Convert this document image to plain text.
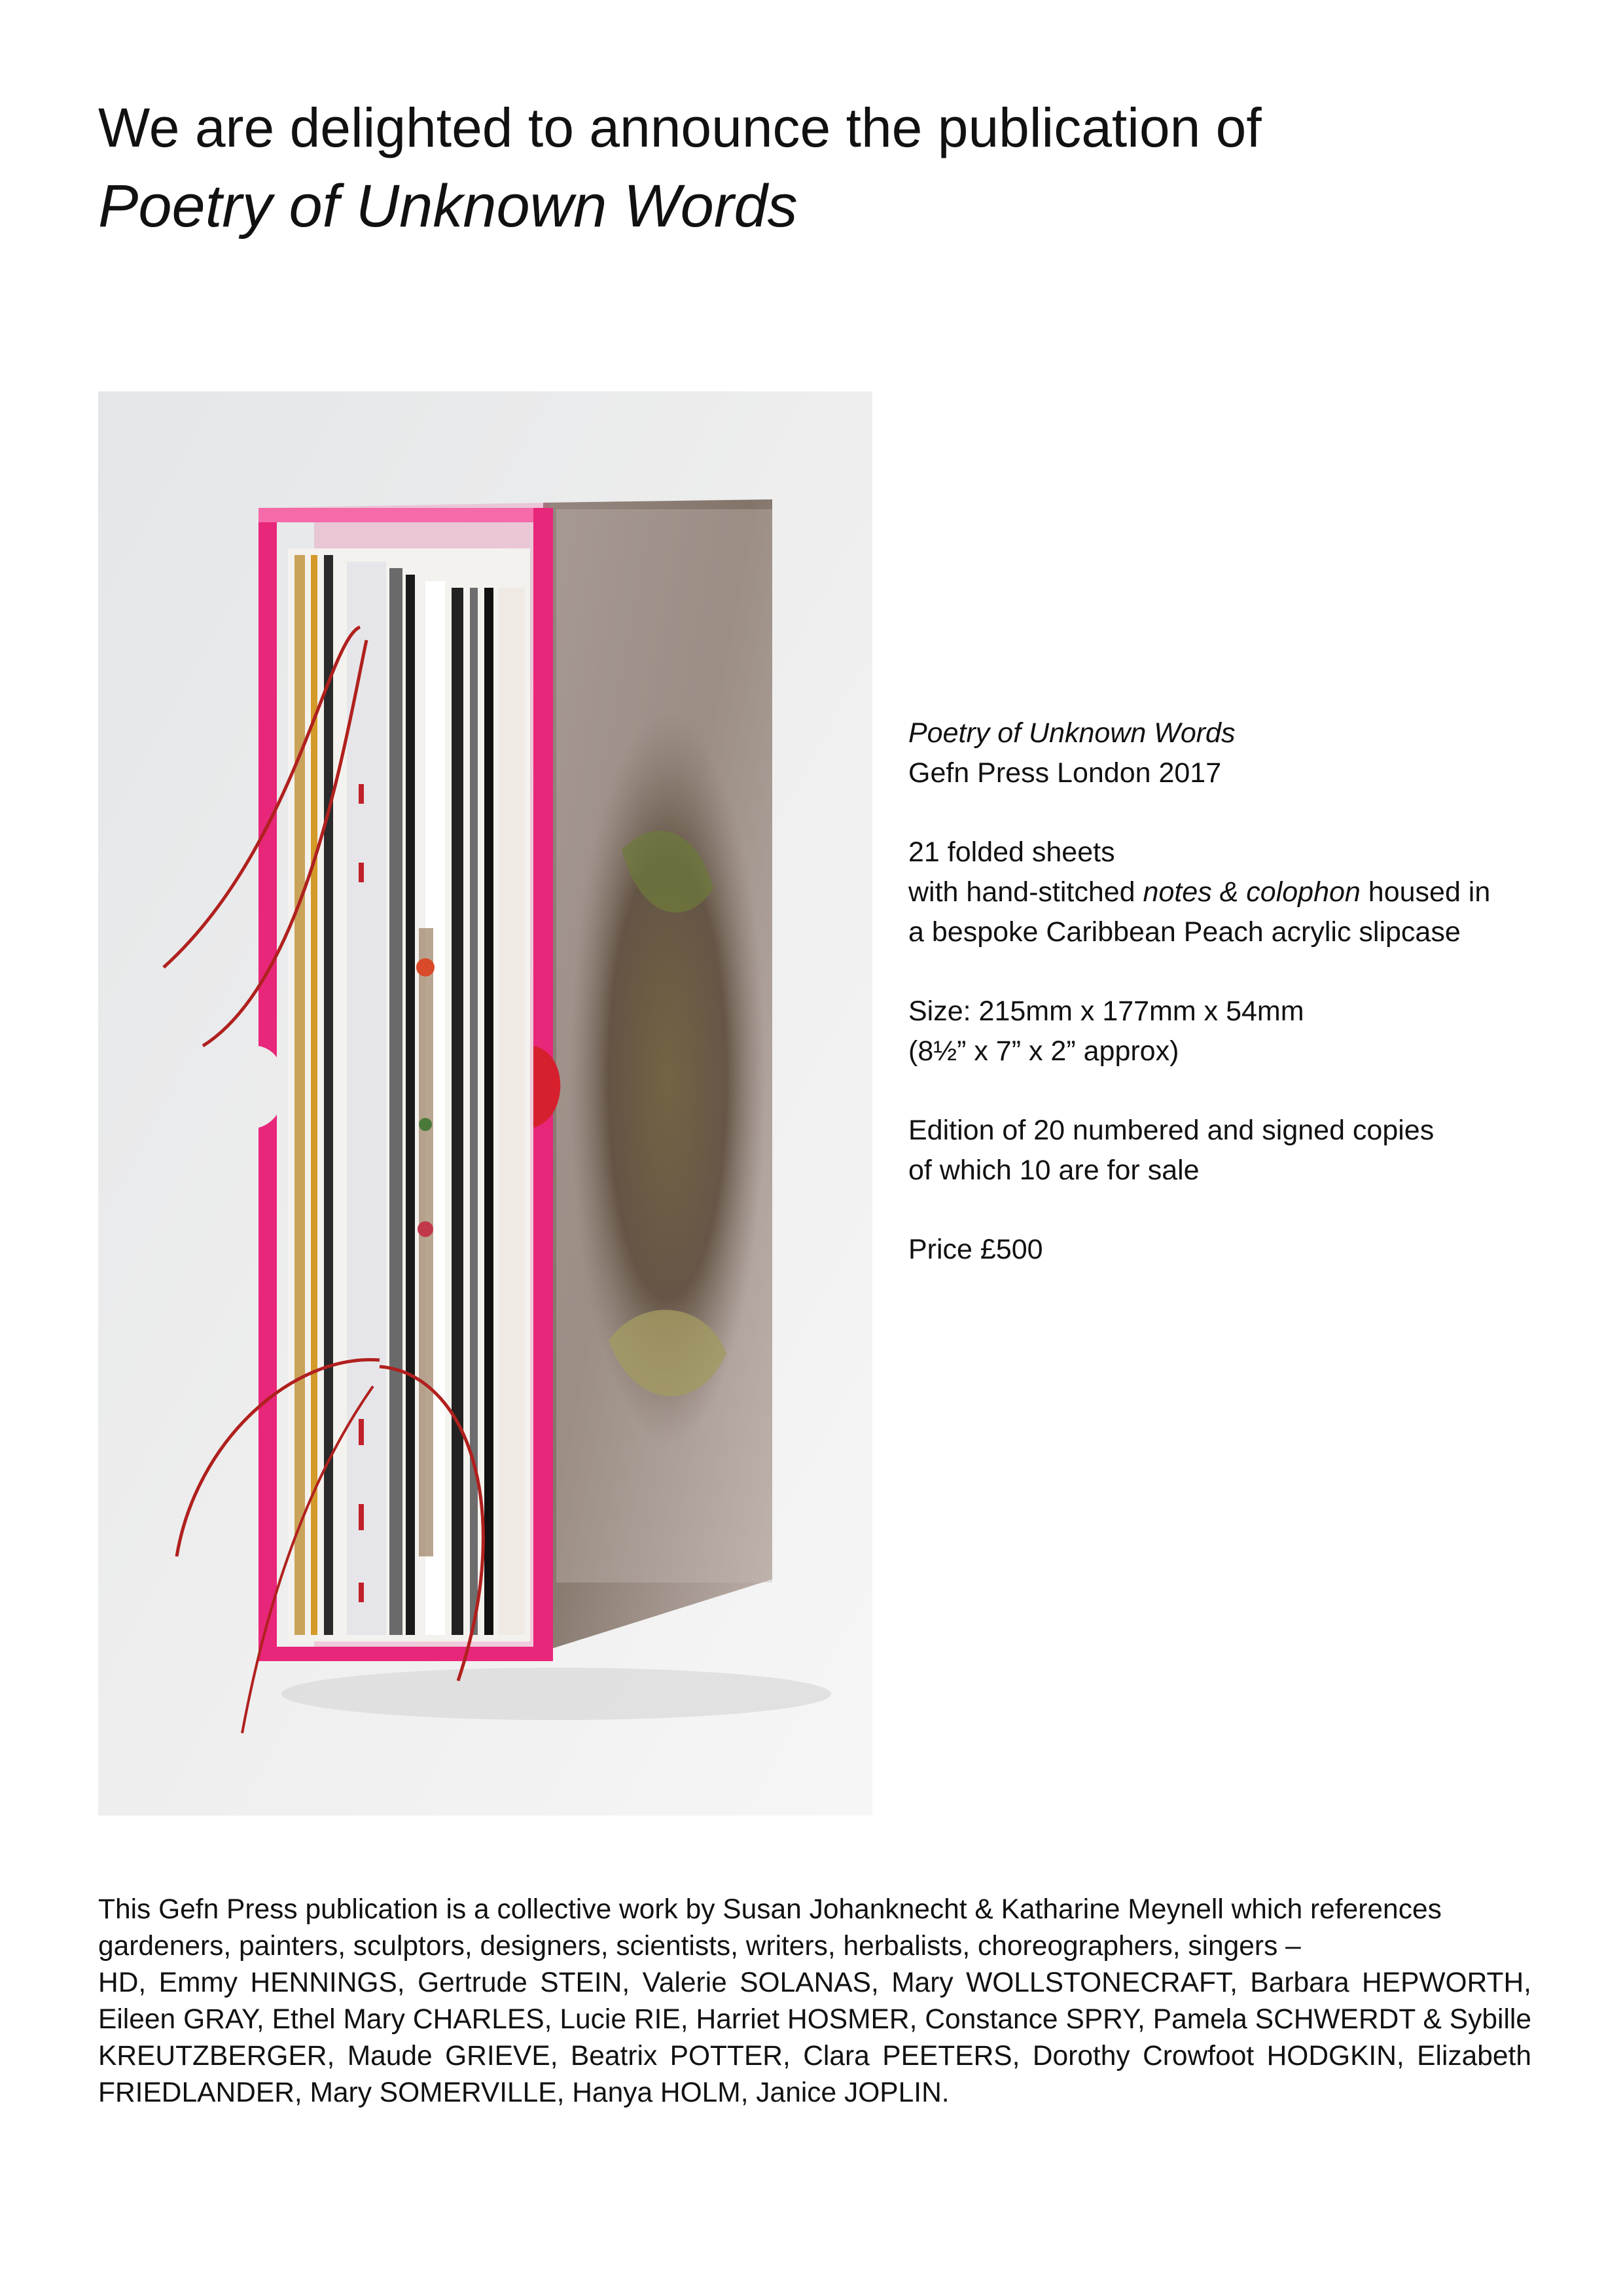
We are delighted to announce the publication of
Poetry of Unknown Words

Poetry of Unknown Words
Gefn Press London 2017

21 folded sheets
with hand-stitched notes & colophon housed in
a bespoke Caribbean Peach acrylic slipcase

Size: 215mm x 177mm x 54mm
(8½” x 7” x 2” approx)

Edition of 20 numbered and signed copies
of which 10 are for sale

Price £500

This Gefn Press publication is a collective work by Susan Johanknecht & Katharine Meynell which references gardeners, painters, sculptors, designers, scientists, writers, herbalists, choreographers, singers –

HD, Emmy HENNINGS, Gertrude STEIN, Valerie SOLANAS, Mary WOLLSTONECRAFT, Barbara HEPWORTH, Eileen GRAY, Ethel Mary CHARLES, Lucie RIE, Harriet HOSMER, Constance SPRY, Pamela SCHWERDT & Sybille KREUTZBERGER, Maude GRIEVE, Beatrix POTTER, Clara PEETERS, Dorothy Crowfoot HODGKIN, Elizabeth FRIEDLANDER, Mary SOMERVILLE, Hanya HOLM, Janice JOPLIN.
